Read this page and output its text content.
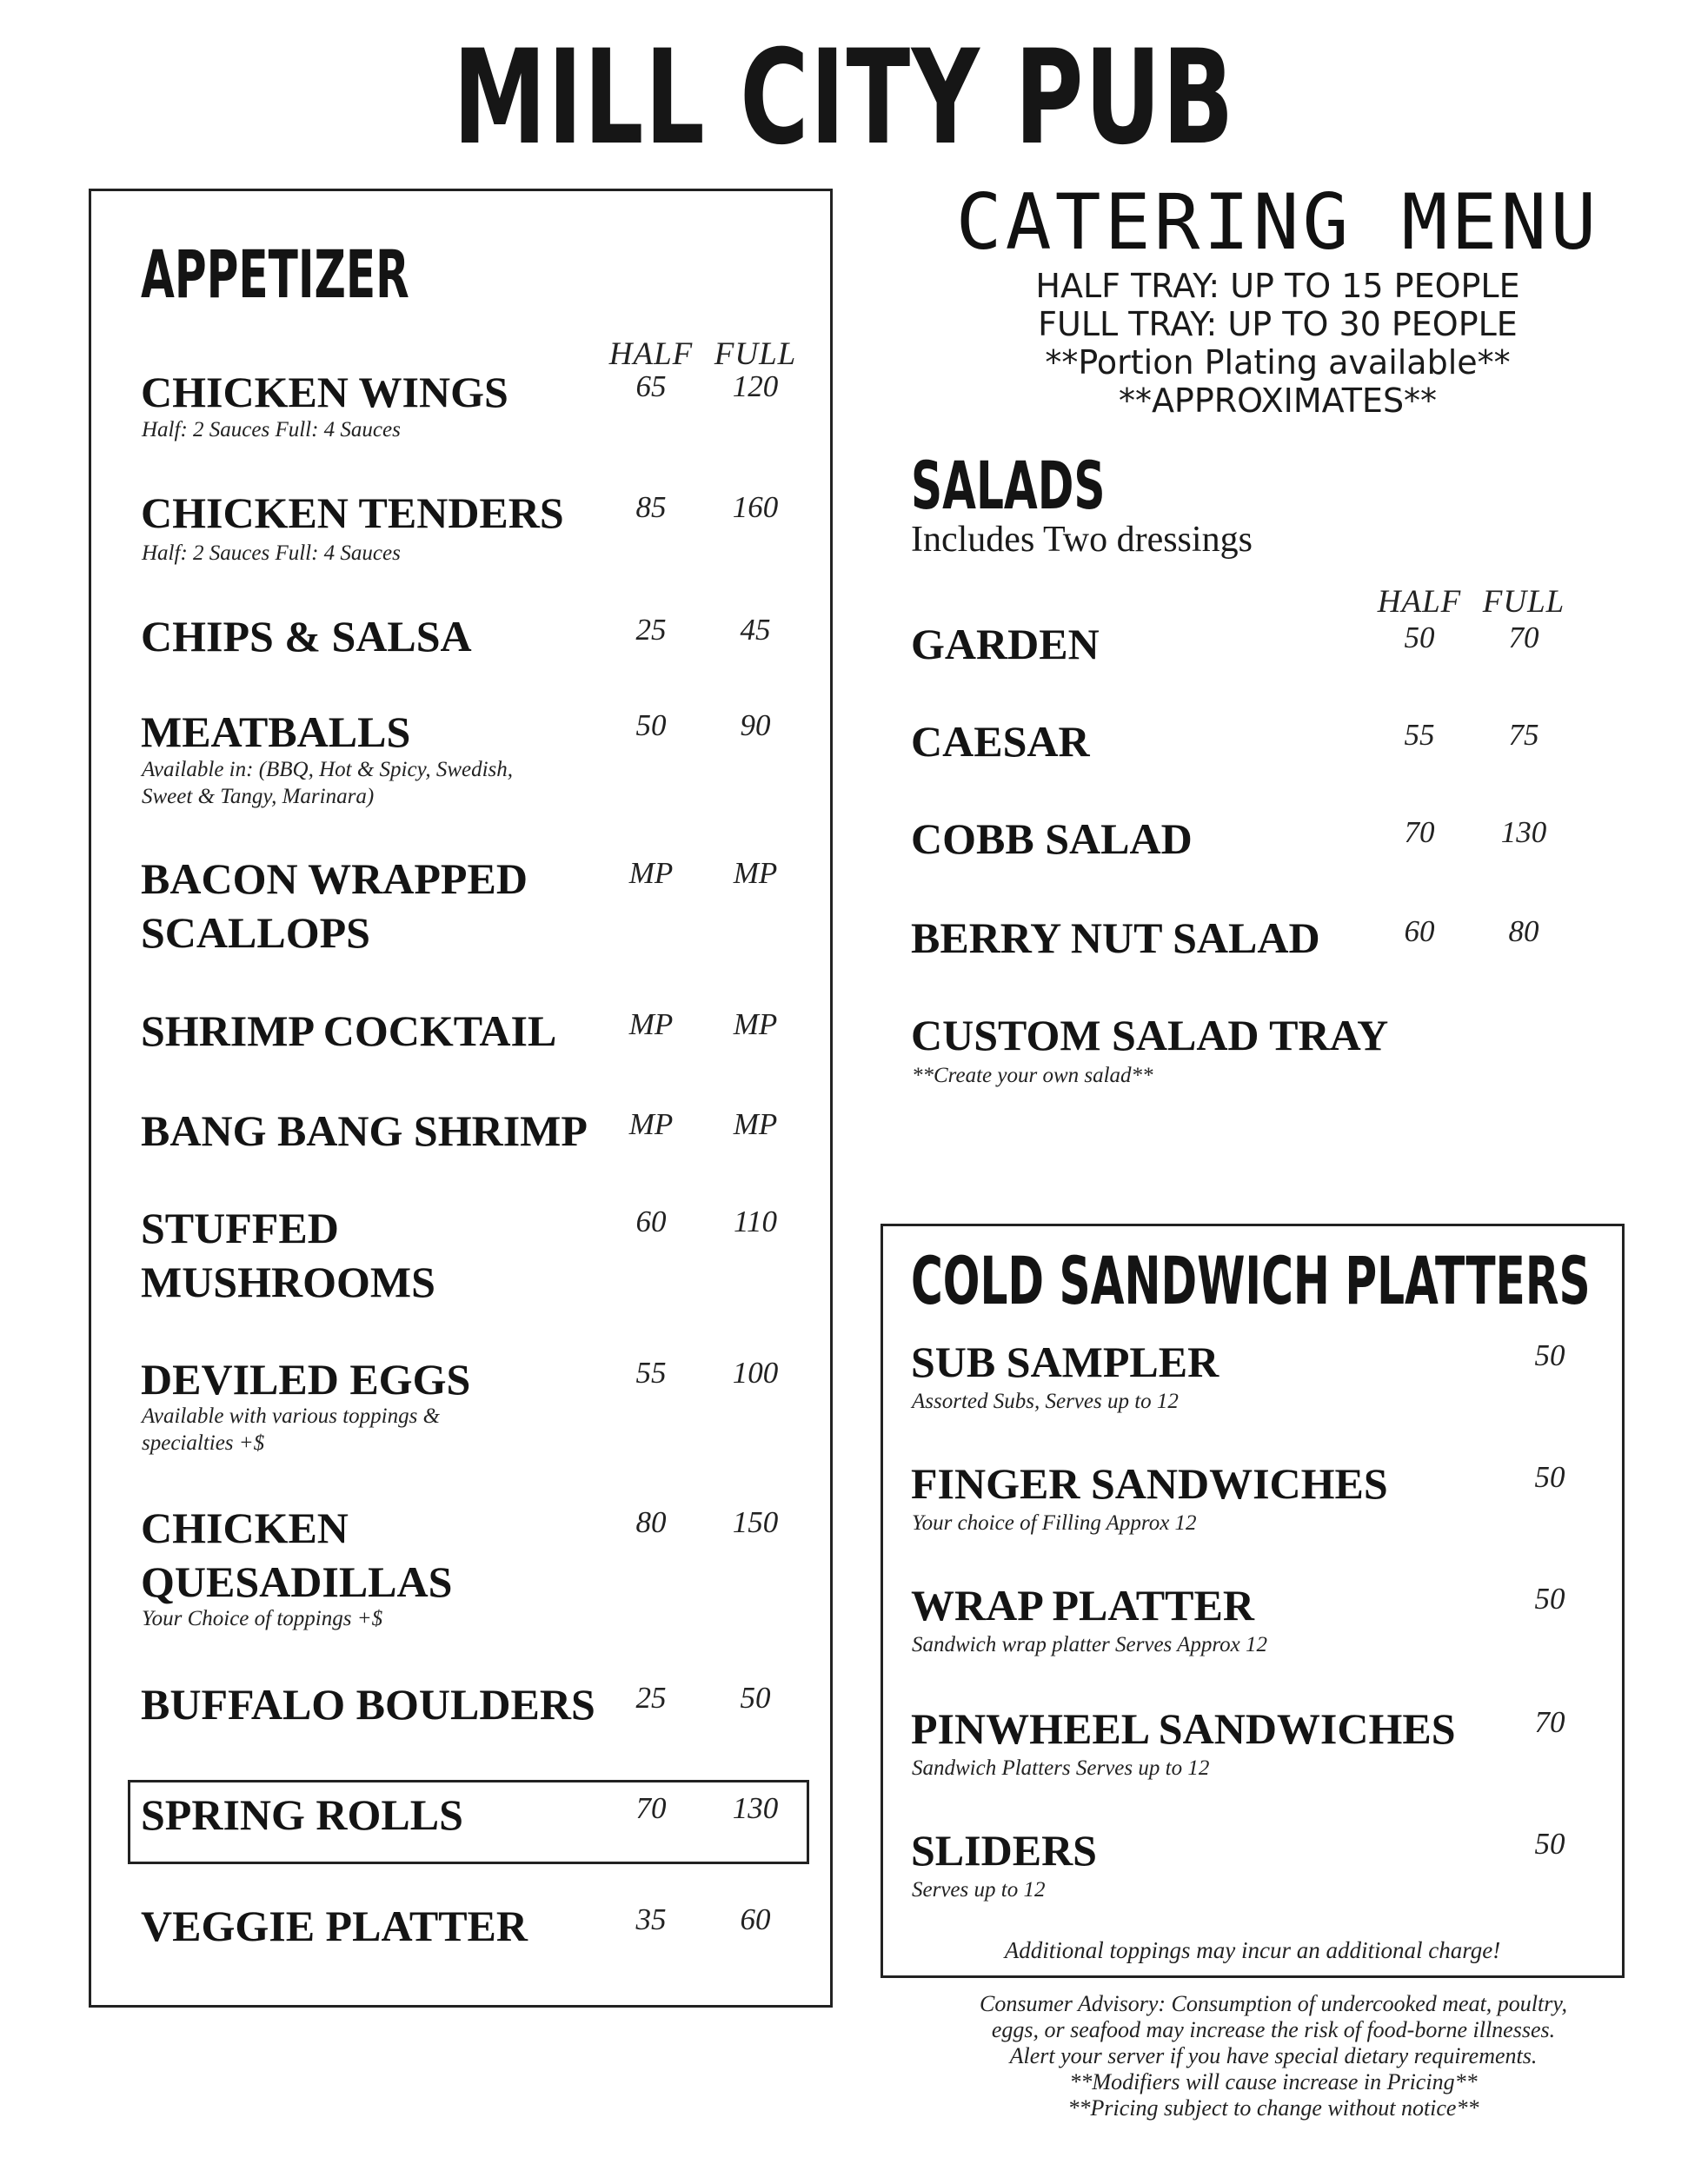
MILL CITY PUB
APPETIZER
HALF FULL
CHICKEN WINGS
Half: 2 Sauces Full: 4 Sauces
65	120
CHICKEN TENDERS
Half: 2 Sauces Full: 4 Sauces
85	160
CHIPS & SALSA	25	45
MEATBALLS
Available in: (BBQ, Hot & Spicy, Swedish,
Sweet & Tangy, Marinara)
50	90
BACON WRAPPED
SCALLOPS
MP	MP
SHRIMP COCKTAIL	MP	MP
BANG BANG SHRIMP	MP	MP
STUFFED
MUSHROOMS
60	110
DEVILED EGGS
Available with various toppings &
specialties +$
55	100
CHICKEN
QUESADILLAS
Your Choice of toppings +$
80	150
BUFFALO BOULDERS	25	50
SPRING ROLLS	70	130
VEGGIE PLATTER	35	60
CATERING MENU
HALF TRAY: UP TO 15 PEOPLE
FULL TRAY: UP TO 30 PEOPLE
**Portion Plating available**
**APPROXIMATES**
SALADS
Includes Two dressings
HALF FULL
GARDEN	50	70
CAESAR	55	75
COBB SALAD	70	130
BERRY NUT SALAD	60	80
CUSTOM SALAD TRAY
**Create your own salad**
COLD SANDWICH PLATTERS
SUB SAMPLER
Assorted Subs, Serves up to 12
50
FINGER SANDWICHES
Your choice of Filling Approx 12
50
WRAP PLATTER
Sandwich wrap platter Serves Approx 12
50
PINWHEEL SANDWICHES
Sandwich Platters Serves up to 12
70
SLIDERS
Serves up to 12
50
Additional toppings may incur an additional charge!
Consumer Advisory: Consumption of undercooked meat, poultry,
eggs, or seafood may increase the risk of food-borne illnesses.
Alert your server if you have special dietary requirements.
**Modifiers will cause increase in Pricing**
**Pricing subject to change without notice**
